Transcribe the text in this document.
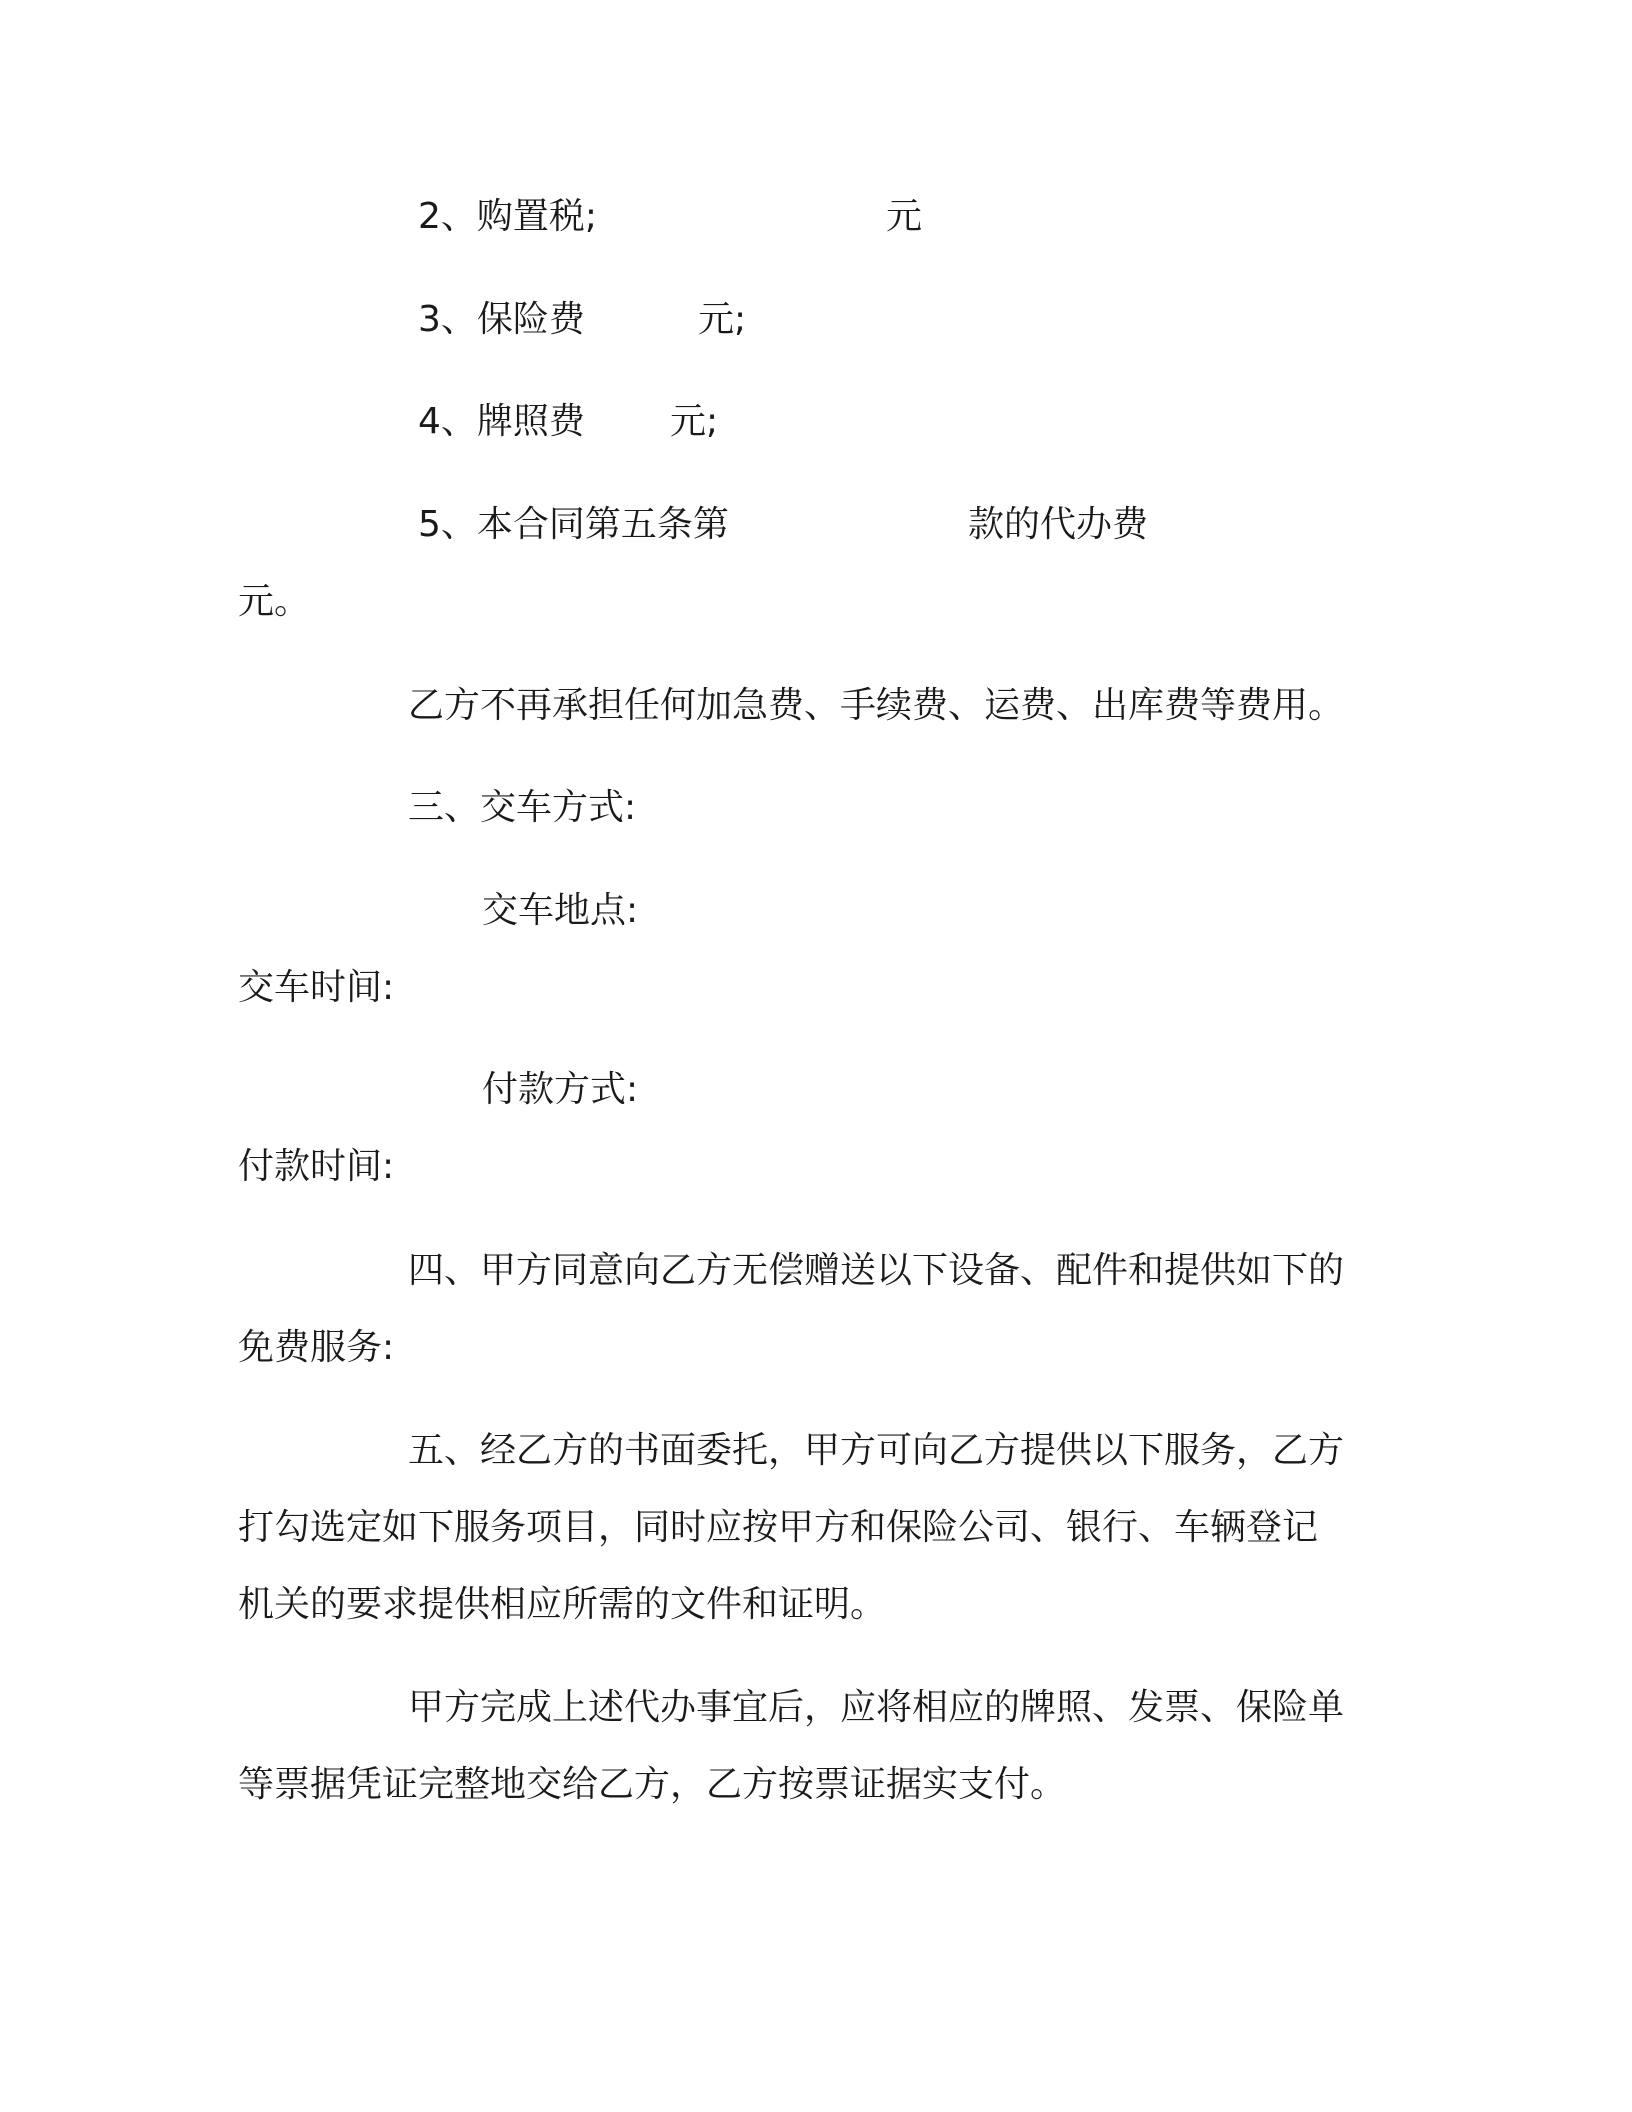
2、购置税;	元
3、保险费	元;
4、牌照费 元;
5、本合同第五条第	款的代办费
元。
乙方不再承担任何加急费、手续费、运费、出库费等费用。
三、交车方式:
交车地点:
交车时间:
付款方式:
付款时间:
四、甲方同意向乙方无偿赠送以下设备、配件和提供如下的
免费服务:
五、经乙方的书面委托，甲方可向乙方提供以下服务，乙方
打勾选定如下服务项目，同时应按甲方和保险公司、银行、车辆登记
机关的要求提供相应所需的文件和证明。
甲方完成上述代办事宜后，应将相应的牌照、发票、保险单
等票据凭证完整地交给乙方，乙方按票证据实支付。
